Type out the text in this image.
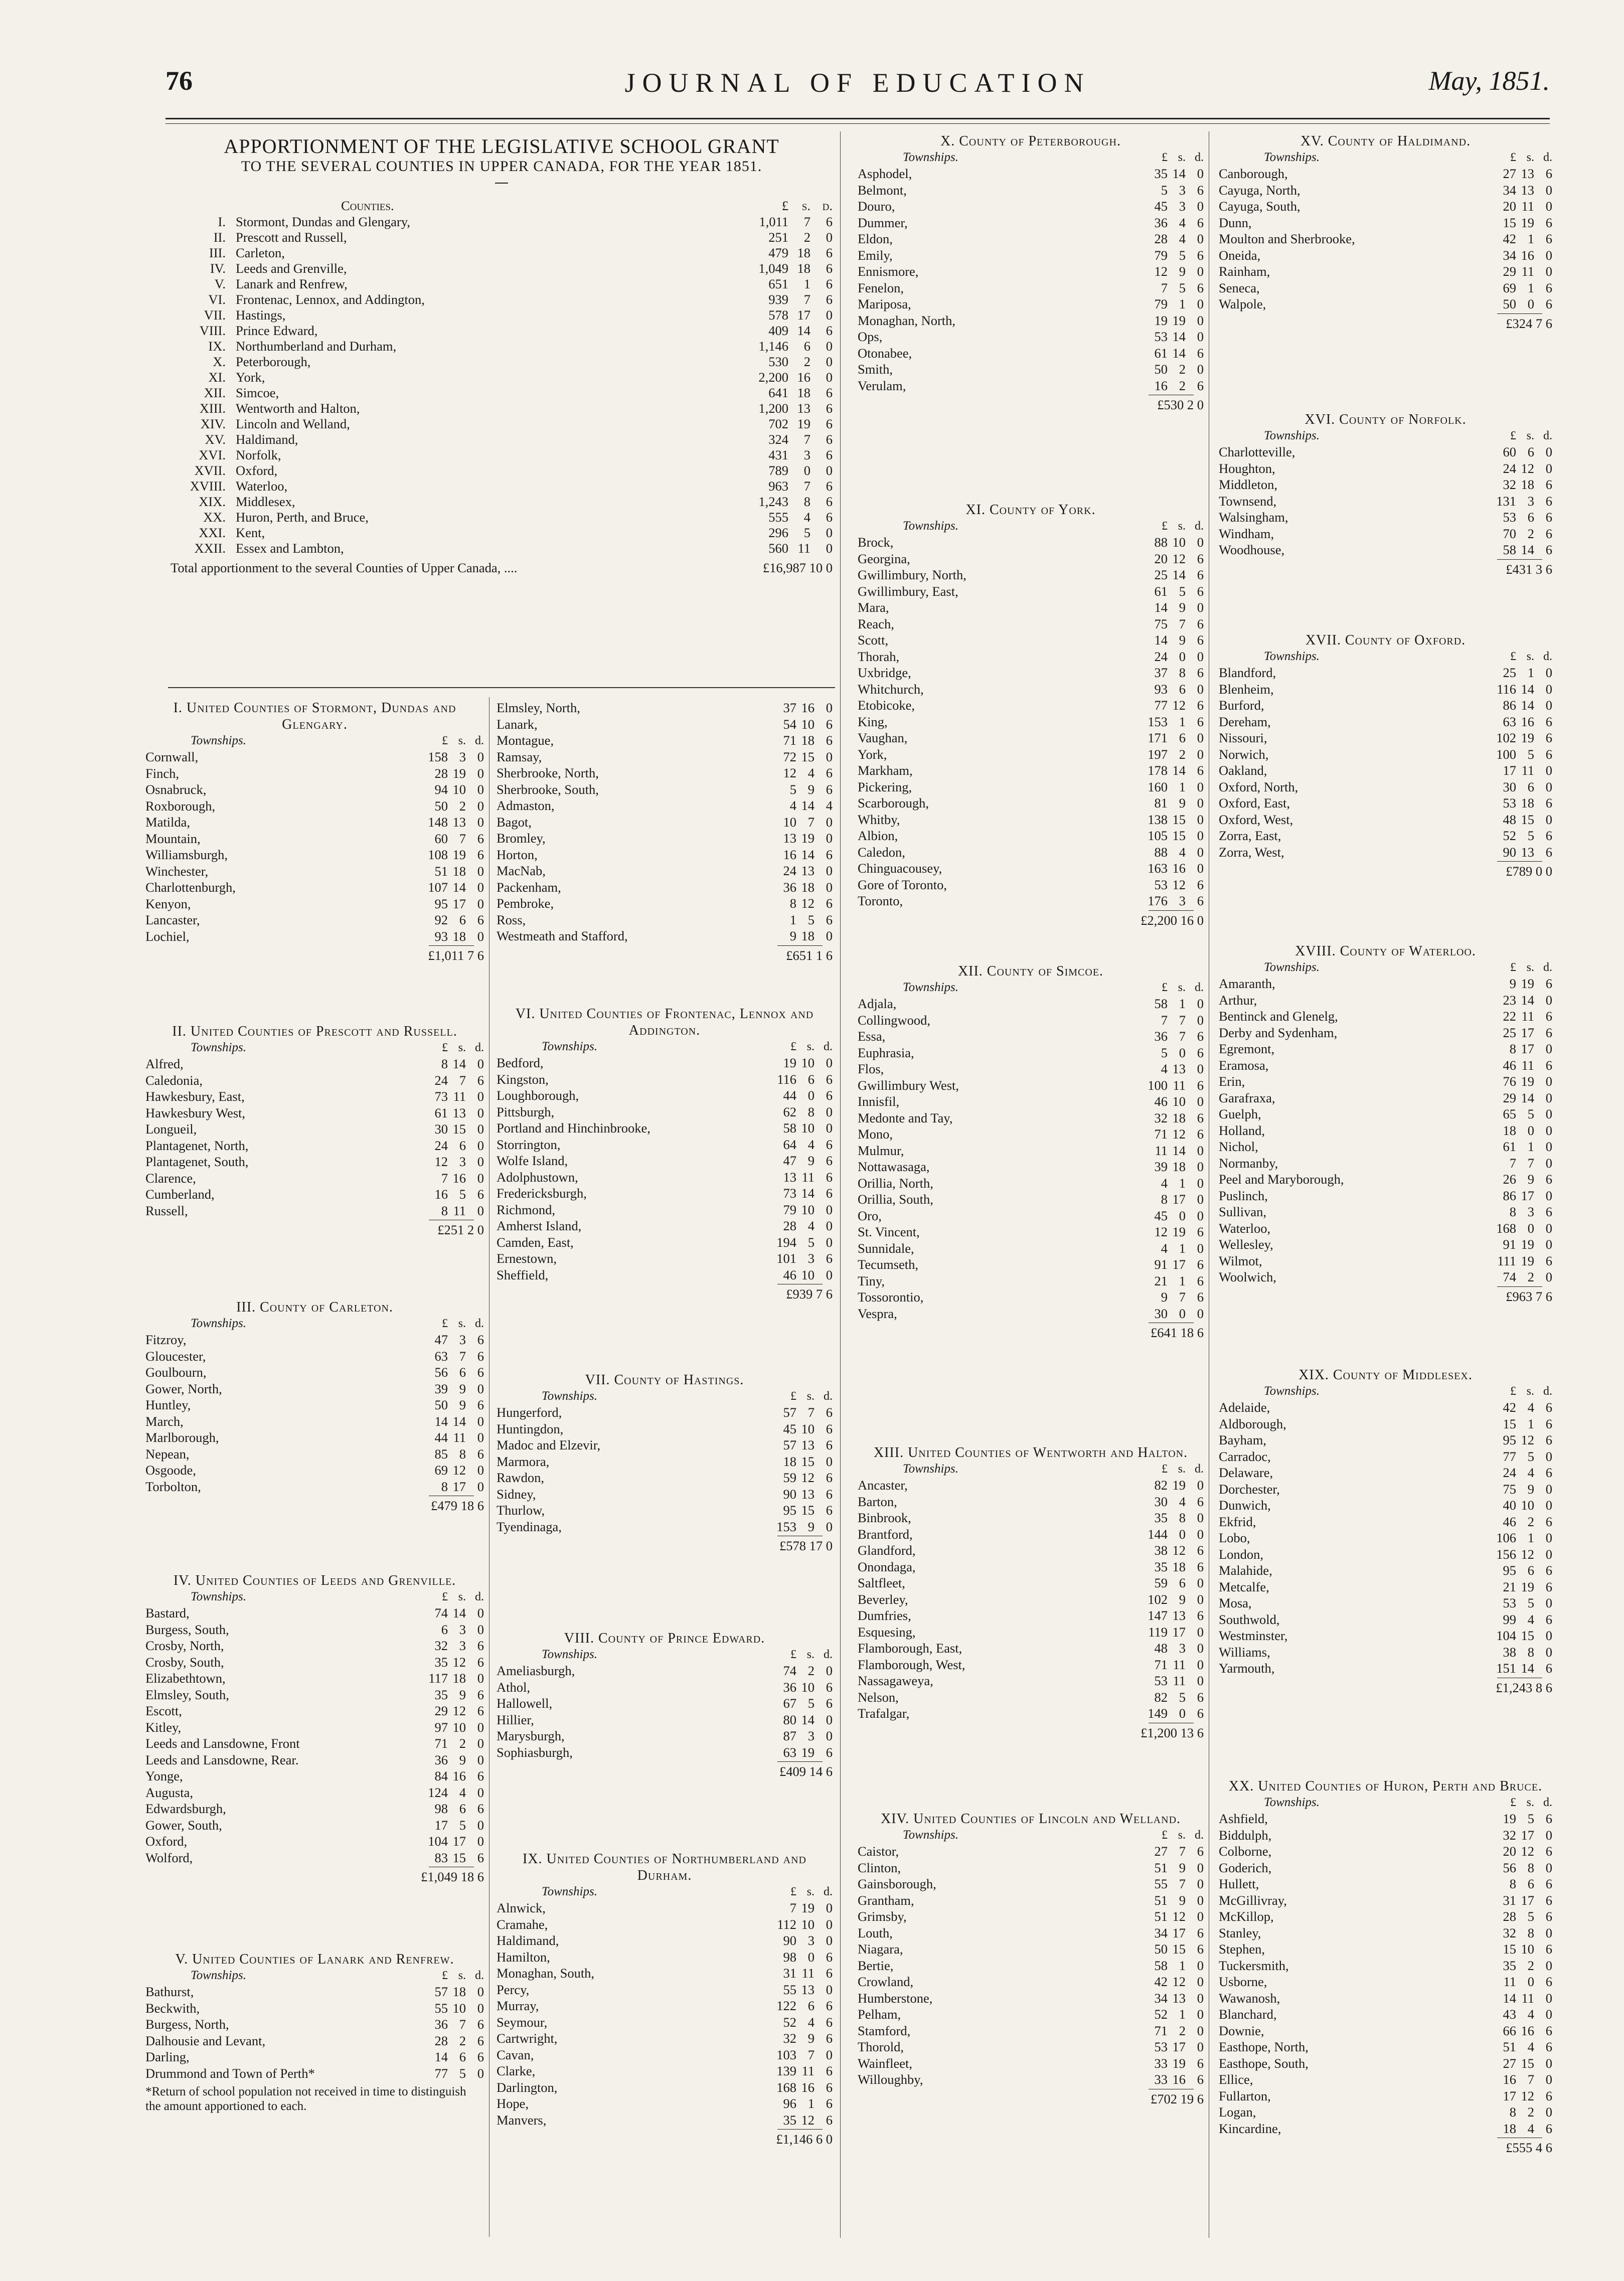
76	JOURNAL OF EDUCATION	May, 1851.
APPORTIONMENT OF THE LEGISLATIVE SCHOOL GRANT
TO THE SEVERAL COUNTIES IN UPPER CANADA, FOR THE YEAR 1851.
Counties.	£	s. d.
I. Stormont, Dundas and Glengary,	1,011	7	6
II. Prescott and Russell,	251	2	0
III. Carleton,	479 18	6
IV. Leeds and Grenville,	1,049 18	6
V. Lanark and Renfrew,	651	1	6
VI. Frontenac, Lennox, and Addington,	939	7	6
VII. Hastings,	578 17	0
VIII. Prince Edward,	409 14	6
IX. Northumberland and Durham,	1,146	6	0
X. Peterborough,	530	2	0
XI. York,	2,200 16	0
XII. Simcoe,	641 18	6
XIII. Wentworth and Halton,	1,200 13	6
XIV. Lincoln and Welland,	702 19	6
XV. Haldimand,	324	7	6
XVI. Norfolk,	431	3	6
XVII. Oxford,	789	0	0
XVIII. Waterloo,	963	7	6
XIX. Middlesex,	1,243	8	6
XX. Huron, Perth, and Bruce,	555	4	6
XXI. Kent,	296	5	0
XXII. Essex and Lambton,	560 11	0
Total apportionment to the several Counties of Upper Canada, ....	£16,987 10 0
I. United Counties of Stormont, Dundas and Glengary.
Townships.	£ s. d.
Cornwall,	158 3 0
Finch,	28 19 0
Osnabruck,	94 10 0
Roxborough,	50 2 0
Matilda,	148 13 0
Mountain,	60 7 6
Williamsburgh,	108 19 6
Winchester,	51 18 0
Charlottenburgh,	107 14 0
Kenyon,	95 17 0
Lancaster,	92 6 6
Lochiel,	93 18 0
£1,011 7 6
Elmsley, North,	37 16 0
Lanark,	54 10 6
Montague,	71 18 6
Ramsay,	72 15 0
Sherbrooke, North,	12 4 6
Sherbrooke, South,	5 9 6
Admaston,	4 14 4
Bagot,	10 7 0
Bromley,	13 19 0
Horton,	16 14 6
MacNab,	24 13 0
Packenham,	36 18 0
Pembroke,	8 12 6
Ross,	1 5 6
Westmeath and Stafford,	9 18 0
£651 1 6
II. United Counties of Prescott and Russell.
Townships.	£ s. d.
Alfred,	8 14 0
Caledonia,	24 7 6
Hawkesbury, East,	73 11 0
Hawkesbury West,	61 13 0
Longueil,	30 15 0
Plantagenet, North,	24 6 0
Plantagenet, South,	12 3 0
Clarence,	7 16 0
Cumberland,	16 5 6
Russell,	8 11 0
£251 2 0
III. County of Carleton.
Townships.	£ s. d.
Fitzroy,	47 3 6
Gloucester,	63 7 6
Goulbourn,	56 6 6
Gower, North,	39 9 0
Huntley,	50 9 6
March,	14 14 0
Marlborough,	44 11 0
Nepean,	85 8 6
Osgoode,	69 12 0
Torbolton,	8 17 0
£479 18 6
IV. United Counties of Leeds and Grenville.
Townships.	£ s. d.
Bastard,	74 14 0
Burgess, South,	6 3 0
Crosby, North,	32 3 6
Crosby, South,	35 12 6
Elizabethtown,	117 18 0
Elmsley, South,	35 9 6
Escott,	29 12 6
Kitley,	97 10 0
Leeds and Lansdowne, Front	71 2 0
Leeds and Lansdowne, Rear.	36 9 0
Yonge,	84 16 6
Augusta,	124 4 0
Edwardsburgh,	98 6 6
Gower, South,	17 5 0
Oxford,	104 17 0
Wolford,	83 15 6
£1,049 18 6
V. United Counties of Lanark and Renfrew.
Townships.	£ s. d.
Bathurst,	57 18 0
Beckwith,	55 10 0
Burgess, North,	36 7 6
Dalhousie and Levant,	28 2 6
Darling,	14 6 6
Drummond and Town of Perth*	77 5 0
*Return of school population not received in time to distinguish the amount apportioned to each.
VI. United Counties of Frontenac, Lennox and Addington.
Townships.	£ s. d.
Bedford,	19 10 0
Kingston,	116 6 6
Loughborough,	44 0 6
Pittsburgh,	62 8 0
Portland and Hinchinbrooke,	58 10 0
Storrington,	64 4 6
Wolfe Island,	47 9 6
Adolphustown,	13 11 6
Fredericksburgh,	73 14 6
Richmond,	79 10 0
Amherst Island,	28 4 0
Camden, East,	194 5 0
Ernestown,	101 3 6
Sheffield,	46 10 0
£939 7 6
VII. County of Hastings.
Townships.	£ s. d.
Hungerford,	57 7 6
Huntingdon,	45 10 6
Madoc and Elzevir,	57 13 6
Marmora,	18 15 0
Rawdon,	59 12 6
Sidney,	90 13 6
Thurlow,	95 15 6
Tyendinaga,	153 9 0
£578 17 0
VIII. County of Prince Edward.
Townships.	£ s. d.
Ameliasburgh,	74 2 0
Athol,	36 10 6
Hallowell,	67 5 6
Hillier,	80 14 0
Marysburgh,	87 3 0
Sophiasburgh,	63 19 6
£409 14 6
IX. United Counties of Northumberland and Durham.
Townships.	£ s. d.
Alnwick,	7 19 0
Cramahe,	112 10 0
Haldimand,	90 3 0
Hamilton,	98 0 6
Monaghan, South,	31 11 6
Percy,	55 13 0
Murray,	122 6 6
Seymour,	52 4 6
Cartwright,	32 9 6
Cavan,	103 7 0
Clarke,	139 11 6
Darlington,	168 16 6
Hope,	96 1 6
Manvers,	35 12 6
£1,146 6 0
X. County of Peterborough.
Townships.	£ s. d.
Asphodel,	35 14 0
Belmont,	5 3 6
Douro,	45 3 0
Dummer,	36 4 6
Eldon,	28 4 0
Emily,	79 5 6
Ennismore,	12 9 0
Fenelon,	7 5 6
Mariposa,	79 1 0
Monaghan, North,	19 19 0
Ops,	53 14 0
Otonabee,	61 14 6
Smith,	50 2 0
Verulam,	16 2 6
£530 2 0
XI. County of York.
Townships.	£ s. d.
Brock,	88 10 0
Georgina,	20 12 6
Gwillimbury, North,	25 14 6
Gwillimbury, East,	61 5 6
Mara,	14 9 0
Reach,	75 7 6
Scott,	14 9 6
Thorah,	24 0 0
Uxbridge,	37 8 6
Whitchurch,	93 6 0
Etobicoke,	77 12 6
King,	153 1 6
Vaughan,	171 6 0
York,	197 2 0
Markham,	178 14 6
Pickering,	160 1 0
Scarborough,	81 9 0
Whitby,	138 15 0
Albion,	105 15 0
Caledon,	88 4 0
Chinguacousey,	163 16 0
Gore of Toronto,	53 12 6
Toronto,	176 3 6
£2,200 16 0
XII. County of Simcoe.
Townships.	£ s. d.
Adjala,	58 1 0
Collingwood,	7 7 0
Essa,	36 7 6
Euphrasia,	5 0 6
Flos,	4 13 0
Gwillimbury West,	100 11 6
Innisfil,	46 10 0
Medonte and Tay,	32 18 6
Mono,	71 12 6
Mulmur,	11 14 0
Nottawasaga,	39 18 0
Orillia, North,	4 1 0
Orillia, South,	8 17 0
Oro,	45 0 0
St. Vincent,	12 19 6
Sunnidale,	4 1 0
Tecumseth,	91 17 6
Tiny,	21 1 6
Tossorontio,	9 7 6
Vespra,	30 0 0
£641 18 6
XIII. United Counties of Wentworth and Halton.
Townships.	£ s. d.
Ancaster,	82 19 0
Barton,	30 4 6
Binbrook,	35 8 0
Brantford,	144 0 0
Glandford,	38 12 6
Onondaga,	35 18 6
Saltfleet,	59 6 0
Beverley,	102 9 0
Dumfries,	147 13 6
Esquesing,	119 17 0
Flamborough, East,	48 3 0
Flamborough, West,	71 11 0
Nassagaweya,	53 11 0
Nelson,	82 5 6
Trafalgar,	149 0 6
£1,200 13 6
XIV. United Counties of Lincoln and Welland.
Townships.	£ s. d.
Caistor,	27 7 6
Clinton,	51 9 0
Gainsborough,	55 7 0
Grantham,	51 9 0
Grimsby,	51 12 0
Louth,	34 17 6
Niagara,	50 15 6
Bertie,	58 1 0
Crowland,	42 12 0
Humberstone,	34 13 0
Pelham,	52 1 0
Stamford,	71 2 0
Thorold,	53 17 0
Wainfleet,	33 19 6
Willoughby,	33 16 6
£702 19 6
XV. County of Haldimand.
Townships.	£ s. d.
Canborough,	27 13 6
Cayuga, North,	34 13 0
Cayuga, South,	20 11 0
Dunn,	15 19 6
Moulton and Sherbrooke,	42 1 6
Oneida,	34 16 0
Rainham,	29 11 0
Seneca,	69 1 6
Walpole,	50 0 6
£324 7 6
XVI. County of Norfolk.
Townships.	£ s. d.
Charlotteville,	60 6 0
Houghton,	24 12 0
Middleton,	32 18 6
Townsend,	131 3 6
Walsingham,	53 6 6
Windham,	70 2 6
Woodhouse,	58 14 6
£431 3 6
XVII. County of Oxford.
Townships.	£ s. d.
Blandford,	25 1 0
Blenheim,	116 14 0
Burford,	86 14 0
Dereham,	63 16 6
Nissouri,	102 19 6
Norwich,	100 5 6
Oakland,	17 11 0
Oxford, North,	30 6 0
Oxford, East,	53 18 6
Oxford, West,	48 15 0
Zorra, East,	52 5 6
Zorra, West,	90 13 6
£789 0 0
XVIII. County of Waterloo.
Townships.	£ s. d.
Amaranth,	9 19 6
Arthur,	23 14 0
Bentinck and Glenelg,	22 11 6
Derby and Sydenham,	25 17 6
Egremont,	8 17 0
Eramosa,	46 11 6
Erin,	76 19 0
Garafraxa,	29 14 0
Guelph,	65 5 0
Holland,	18 0 0
Nichol,	61 1 0
Normanby,	7 7 0
Peel and Maryborough,	26 9 6
Puslinch,	86 17 0
Sullivan,	8 3 6
Waterloo,	168 0 0
Wellesley,	91 19 0
Wilmot,	111 19 6
Woolwich,	74 2 0
£963 7 6
XIX. County of Middlesex.
Townships.	£ s. d.
Adelaide,	42 4 6
Aldborough,	15 1 6
Bayham,	95 12 6
Carradoc,	77 5 0
Delaware,	24 4 6
Dorchester,	75 9 0
Dunwich,	40 10 0
Ekfrid,	46 2 6
Lobo,	106 1 0
London,	156 12 0
Malahide,	95 6 6
Metcalfe,	21 19 6
Mosa,	53 5 0
Southwold,	99 4 6
Westminster,	104 15 0
Williams,	38 8 0
Yarmouth,	151 14 6
£1,243 8 6
XX. United Counties of Huron, Perth and Bruce.
Townships.	£ s. d.
Ashfield,	19 5 6
Biddulph,	32 17 0
Colborne,	20 12 6
Goderich,	56 8 0
Hullett,	8 6 6
McGillivray,	31 17 6
McKillop,	28 5 6
Stanley,	32 8 0
Stephen,	15 10 6
Tuckersmith,	35 2 0
Usborne,	11 0 6
Wawanosh,	14 11 0
Blanchard,	43 4 0
Downie,	66 16 6
Easthope, North,	51 4 6
Easthope, South,	27 15 0
Ellice,	16 7 0
Fullarton,	17 12 6
Logan,	8 2 0
Kincardine,	18 4 6
£555 4 6
